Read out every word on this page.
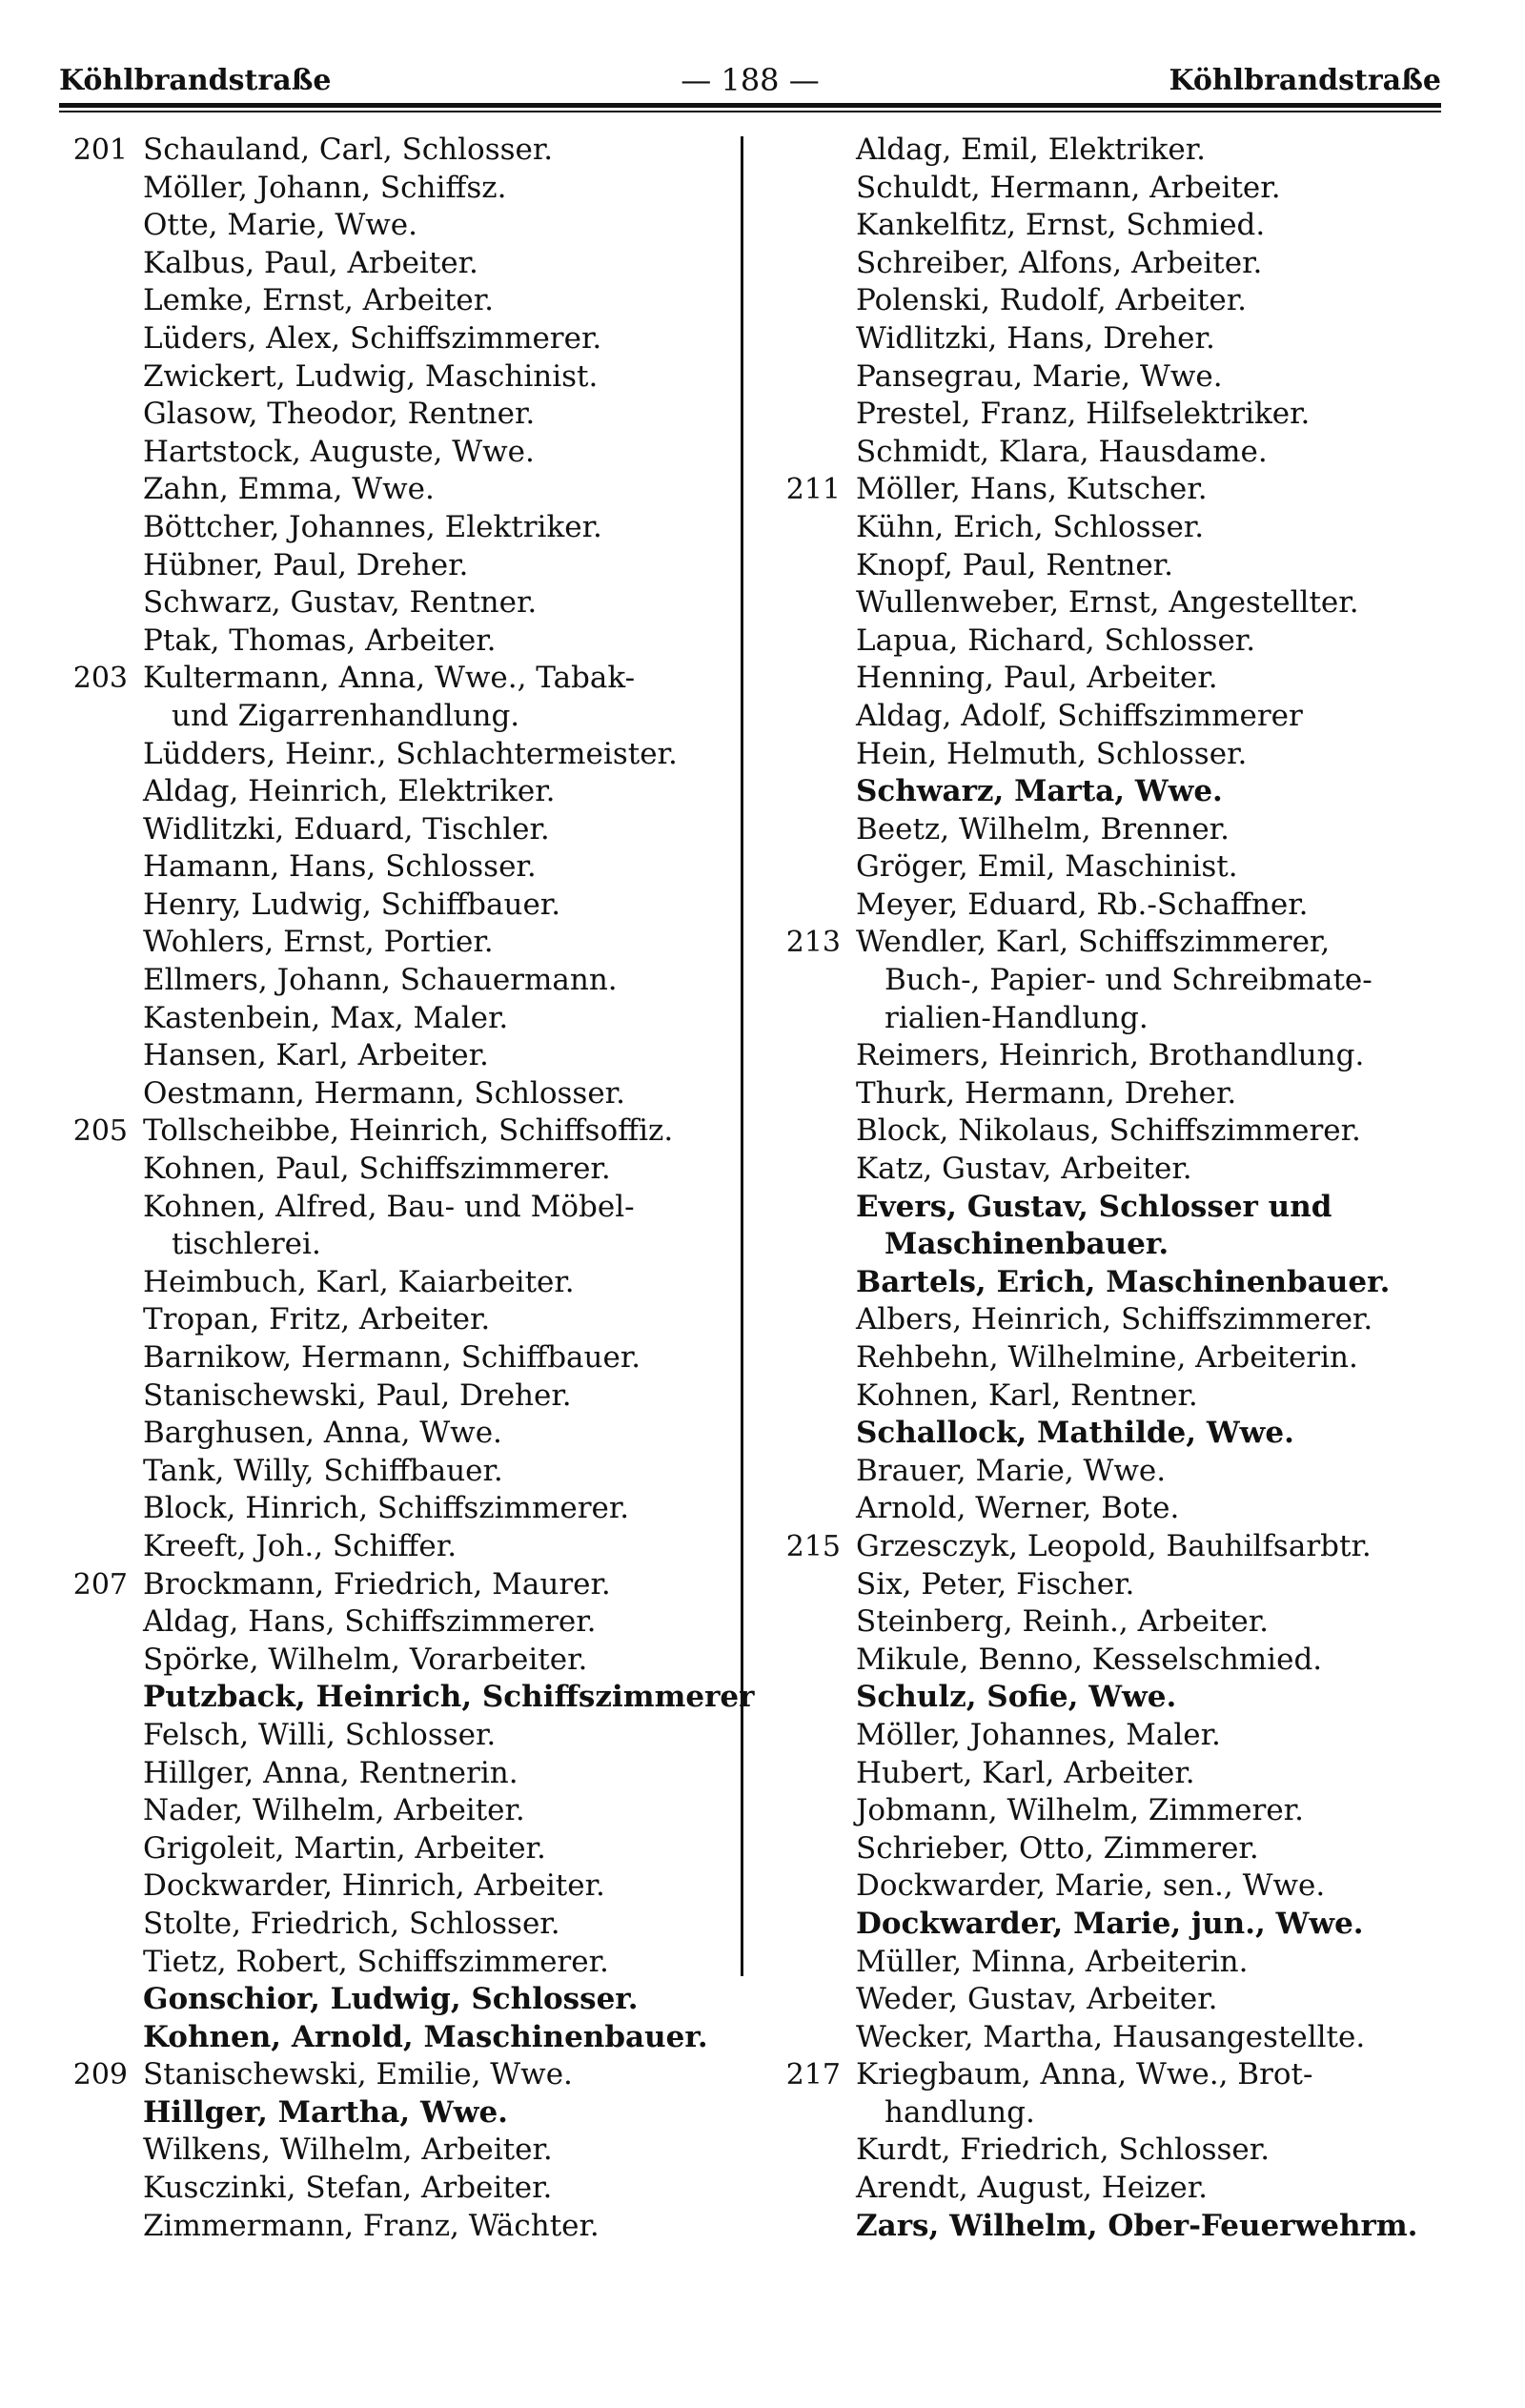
Köhlbrandstraße	— 188 —	Köhlbrandstraße
201 Schauland, Carl, Schlosser.
Möller, Johann, Schiffsz.
Otte, Marie, Wwe.
Kalbus, Paul, Arbeiter.
Lemke, Ernst, Arbeiter.
Lüders, Alex, Schiffszimmerer.
Zwickert, Ludwig, Maschinist.
Glasow, Theodor, Rentner.
Hartstock, Auguste, Wwe.
Zahn, Emma, Wwe.
Böttcher, Johannes, Elektriker.
Hübner, Paul, Dreher.
Schwarz, Gustav, Rentner.
Ptak, Thomas, Arbeiter.
203 Kultermann, Anna, Wwe., Tabak-
und Zigarrenhandlung.
Lüdders, Heinr., Schlachtermeister.
Aldag, Heinrich, Elektriker.
Widlitzki, Eduard, Tischler.
Hamann, Hans, Schlosser.
Henry, Ludwig, Schiffbauer.
Wohlers, Ernst, Portier.
Ellmers, Johann, Schauermann.
Kastenbein, Max, Maler.
Hansen, Karl, Arbeiter.
Oestmann, Hermann, Schlosser.
205 Tollscheibbe, Heinrich, Schiffsoffiz.
Kohnen, Paul, Schiffszimmerer.
Kohnen, Alfred, Bau- und Möbel-
tischlerei.
Heimbuch, Karl, Kaiarbeiter.
Tropan, Fritz, Arbeiter.
Barnikow, Hermann, Schiffbauer.
Stanischewski, Paul, Dreher.
Barghusen, Anna, Wwe.
Tank, Willy, Schiffbauer.
Block, Hinrich, Schiffszimmerer.
Kreeft, Joh., Schiffer.
207 Brockmann, Friedrich, Maurer.
Aldag, Hans, Schiffszimmerer.
Spörke, Wilhelm, Vorarbeiter.
Putzback, Heinrich, Schiffszimmerer
Felsch, Willi, Schlosser.
Hillger, Anna, Rentnerin.
Nader, Wilhelm, Arbeiter.
Grigoleit, Martin, Arbeiter.
Dockwarder, Hinrich, Arbeiter.
Stolte, Friedrich, Schlosser.
Tietz, Robert, Schiffszimmerer.
Gonschior, Ludwig, Schlosser.
Kohnen, Arnold, Maschinenbauer.
209 Stanischewski, Emilie, Wwe.
Hillger, Martha, Wwe.
Wilkens, Wilhelm, Arbeiter.
Kusczinki, Stefan, Arbeiter.
Zimmermann, Franz, Wächter.
Aldag, Emil, Elektriker.
Schuldt, Hermann, Arbeiter.
Kankelfitz, Ernst, Schmied.
Schreiber, Alfons, Arbeiter.
Polenski, Rudolf, Arbeiter.
Widlitzki, Hans, Dreher.
Pansegrau, Marie, Wwe.
Prestel, Franz, Hilfselektriker.
Schmidt, Klara, Hausdame.
211 Möller, Hans, Kutscher.
Kühn, Erich, Schlosser.
Knopf, Paul, Rentner.
Wullenweber, Ernst, Angestellter.
Lapua, Richard, Schlosser.
Henning, Paul, Arbeiter.
Aldag, Adolf, Schiffszimmerer
Hein, Helmuth, Schlosser.
Schwarz, Marta, Wwe.
Beetz, Wilhelm, Brenner.
Gröger, Emil, Maschinist.
Meyer, Eduard, Rb.-Schaffner.
213 Wendler, Karl, Schiffszimmerer,
Buch-, Papier- und Schreibmate-
rialien-Handlung.
Reimers, Heinrich, Brothandlung.
Thurk, Hermann, Dreher.
Block, Nikolaus, Schiffszimmerer.
Katz, Gustav, Arbeiter.
Evers, Gustav, Schlosser und
Maschinenbauer.
Bartels, Erich, Maschinenbauer.
Albers, Heinrich, Schiffszimmerer.
Rehbehn, Wilhelmine, Arbeiterin.
Kohnen, Karl, Rentner.
Schallock, Mathilde, Wwe.
Brauer, Marie, Wwe.
Arnold, Werner, Bote.
215 Grzesczyk, Leopold, Bauhilfsarbtr.
Six, Peter, Fischer.
Steinberg, Reinh., Arbeiter.
Mikule, Benno, Kesselschmied.
Schulz, Sofie, Wwe.
Möller, Johannes, Maler.
Hubert, Karl, Arbeiter.
Jobmann, Wilhelm, Zimmerer.
Schrieber, Otto, Zimmerer.
Dockwarder, Marie, sen., Wwe.
Dockwarder, Marie, jun., Wwe.
Müller, Minna, Arbeiterin.
Weder, Gustav, Arbeiter.
Wecker, Martha, Hausangestellte.
217 Kriegbaum, Anna, Wwe., Brot-
handlung.
Kurdt, Friedrich, Schlosser.
Arendt, August, Heizer.
Zars, Wilhelm, Ober-Feuerwehrm.
